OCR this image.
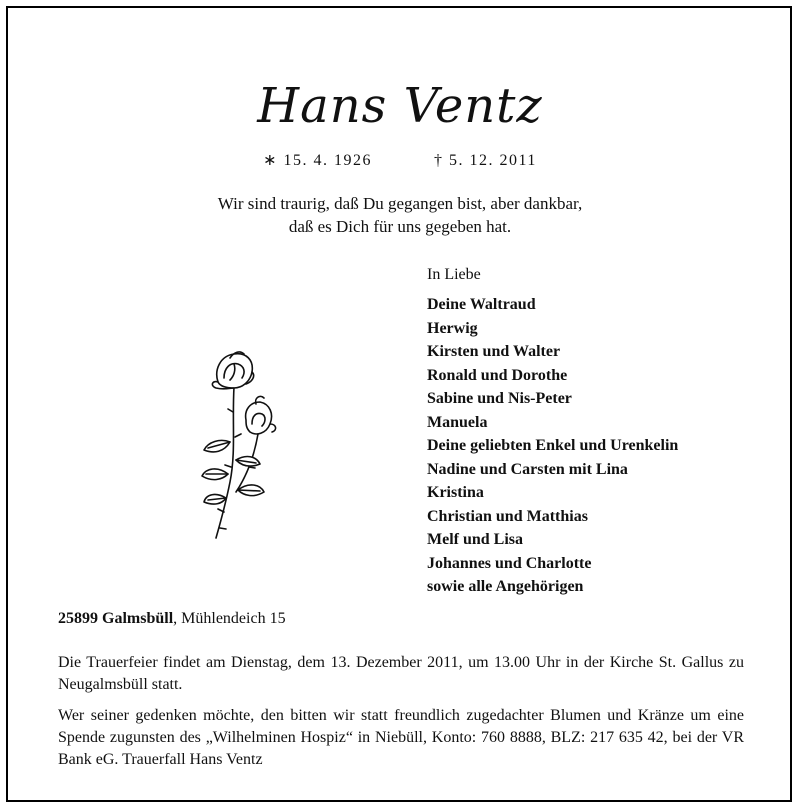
Hans Ventz
∗ 15. 4. 1926	† 5. 12. 2011
Wir sind traurig, daß Du gegangen bist, aber dankbar,
daß es Dich für uns gegeben hat.
In Liebe
Deine Waltraud
Herwig
Kirsten und Walter
Ronald und Dorothe
Sabine und Nis-Peter
Manuela
Deine geliebten Enkel und Urenkelin
Nadine und Carsten mit Lina
Kristina
Christian und Matthias
Melf und Lisa
Johannes und Charlotte
sowie alle Angehörigen
25899 Galmsbüll, Mühlendeich 15

Die Trauerfeier findet am Dienstag, dem 13. Dezember 2011, um 13.00 Uhr in der Kirche St. Gallus zu Neugalmsbüll statt.

Wer seiner gedenken möchte, den bitten wir statt freundlich zugedachter Blumen und Kränze um eine Spende zugunsten des „Wilhelminen Hospiz“ in Niebüll, Konto: 760 8888, BLZ: 217 635 42, bei der VR Bank eG. Trauerfall Hans Ventz
